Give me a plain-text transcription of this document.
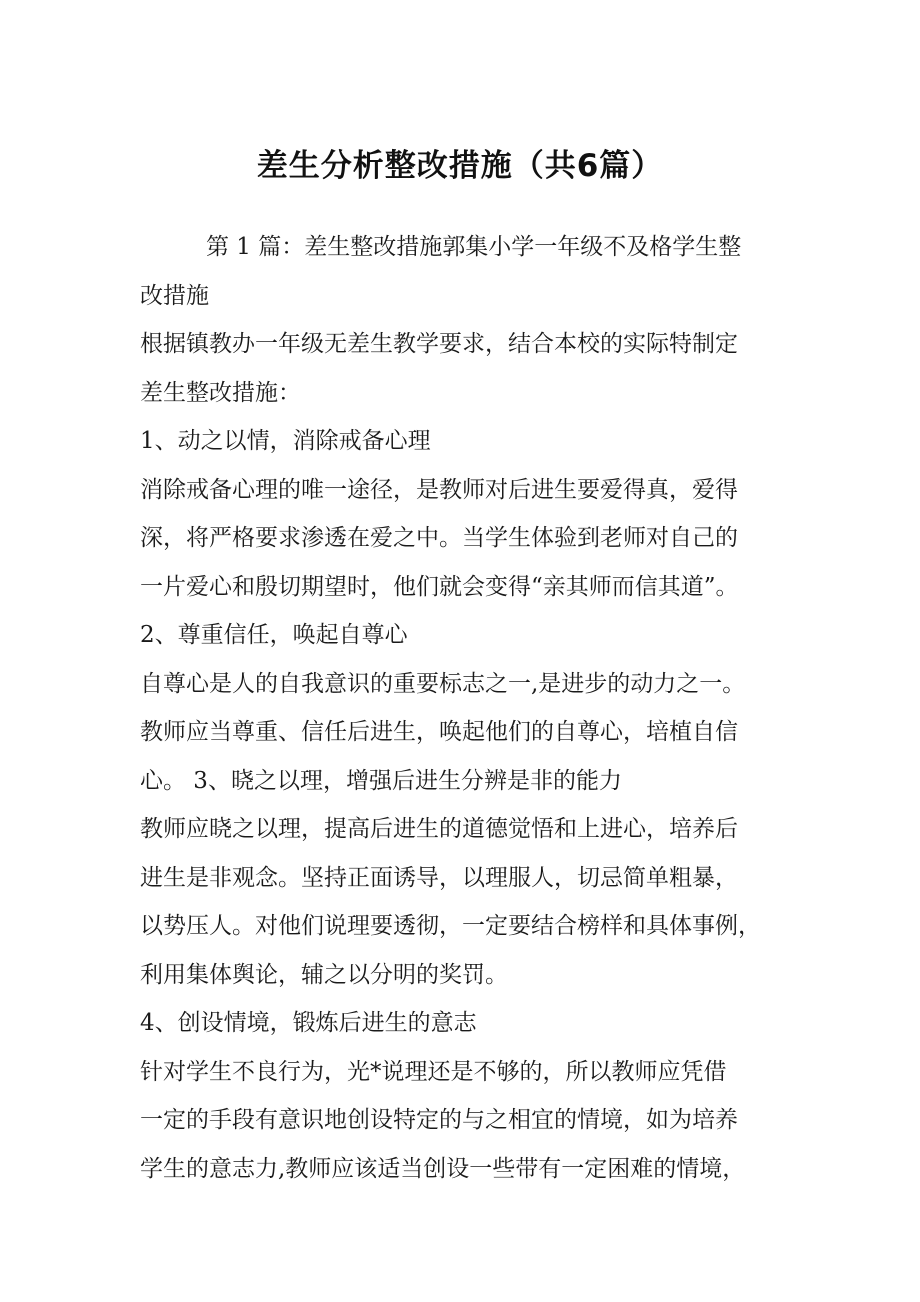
差生分析整改措施（共6篇）
第 1 篇：差生整改措施郭集小学一年级不及格学生整
改措施
根据镇教办一年级无差生教学要求，结合本校的实际特制定
差生整改措施：
1、动之以情，消除戒备心理
消除戒备心理的唯一途径，是教师对后进生要爱得真，爱得
深，将严格要求渗透在爱之中。当学生体验到老师对自己的
一片爱心和殷切期望时，他们就会变得“亲其师而信其道”。
2、尊重信任，唤起自尊心
自尊心是人的自我意识的重要标志之一,是进步的动力之一。
教师应当尊重、信任后进生，唤起他们的自尊心，培植自信
心。 3、晓之以理，增强后进生分辨是非的能力
教师应晓之以理，提高后进生的道德觉悟和上进心，培养后
进生是非观念。坚持正面诱导，以理服人，切忌简单粗暴，
以势压人。对他们说理要透彻，一定要结合榜样和具体事例，
利用集体舆论，辅之以分明的奖罚。
4、创设情境，锻炼后进生的意志
针对学生不良行为，光*说理还是不够的，所以教师应凭借
一定的手段有意识地创设特定的与之相宜的情境，如为培养
学生的意志力,教师应该适当创设一些带有一定困难的情境，
